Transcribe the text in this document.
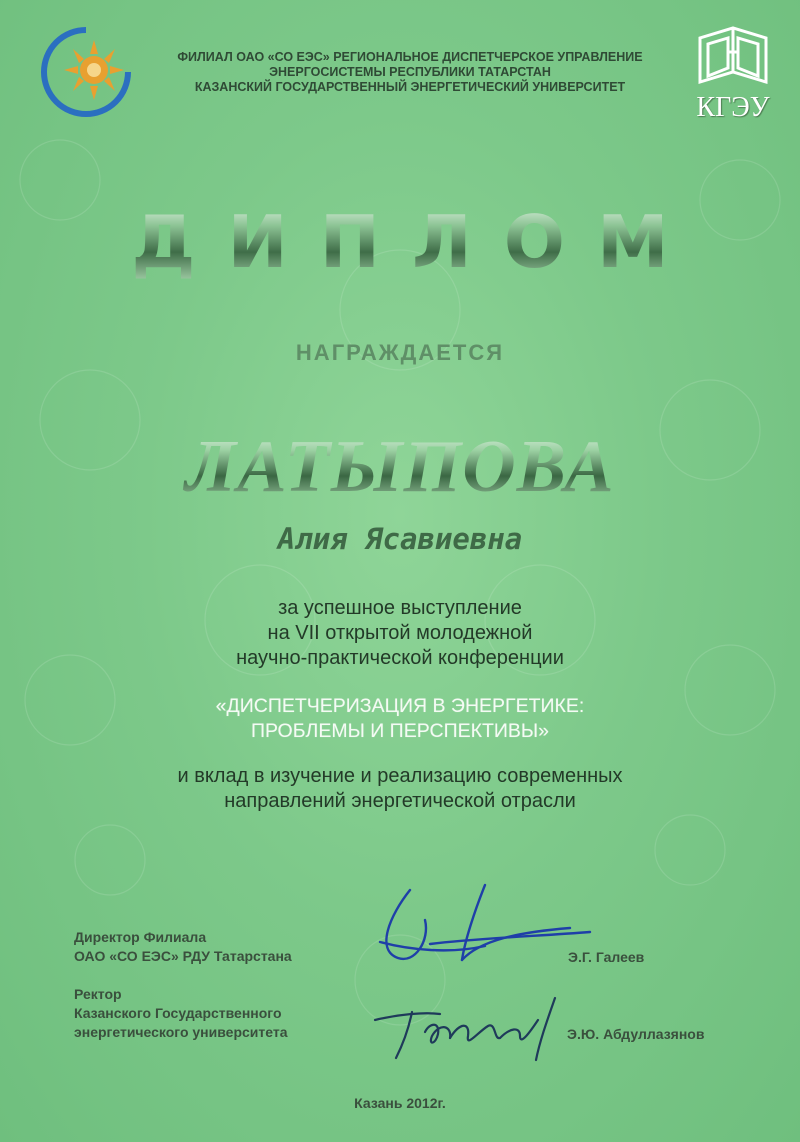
КГЭУ
ФИЛИАЛ ОАО «СО ЕЭС» РЕГИОНАЛЬНОЕ ДИСПЕТЧЕРСКОЕ УПРАВЛЕНИЕ
ЭНЕРГОСИСТЕМЫ РЕСПУБЛИКИ ТАТАРСТАН
КАЗАНСКИЙ ГОСУДАРСТВЕННЫЙ ЭНЕРГЕТИЧЕСКИЙ УНИВЕРСИТЕТ
ДИПЛОМ
НАГРАЖДАЕТСЯ
ЛАТЫПОВА
Алия Ясавиевна
за успешное выступление
на VII открытой молодежной
научно-практической конференции
«ДИСПЕТЧЕРИЗАЦИЯ В ЭНЕРГЕТИКЕ:
ПРОБЛЕМЫ И ПЕРСПЕКТИВЫ»
и вклад в изучение и реализацию современных
направлений энергетической отрасли
Директор Филиала
ОАО «СО ЕЭС» РДУ Татарстана	Э.Г. Галеев
Ректор
Казанского Государственного
энергетического университета	Э.Ю. Абдуллазянов
Казань 2012г.
